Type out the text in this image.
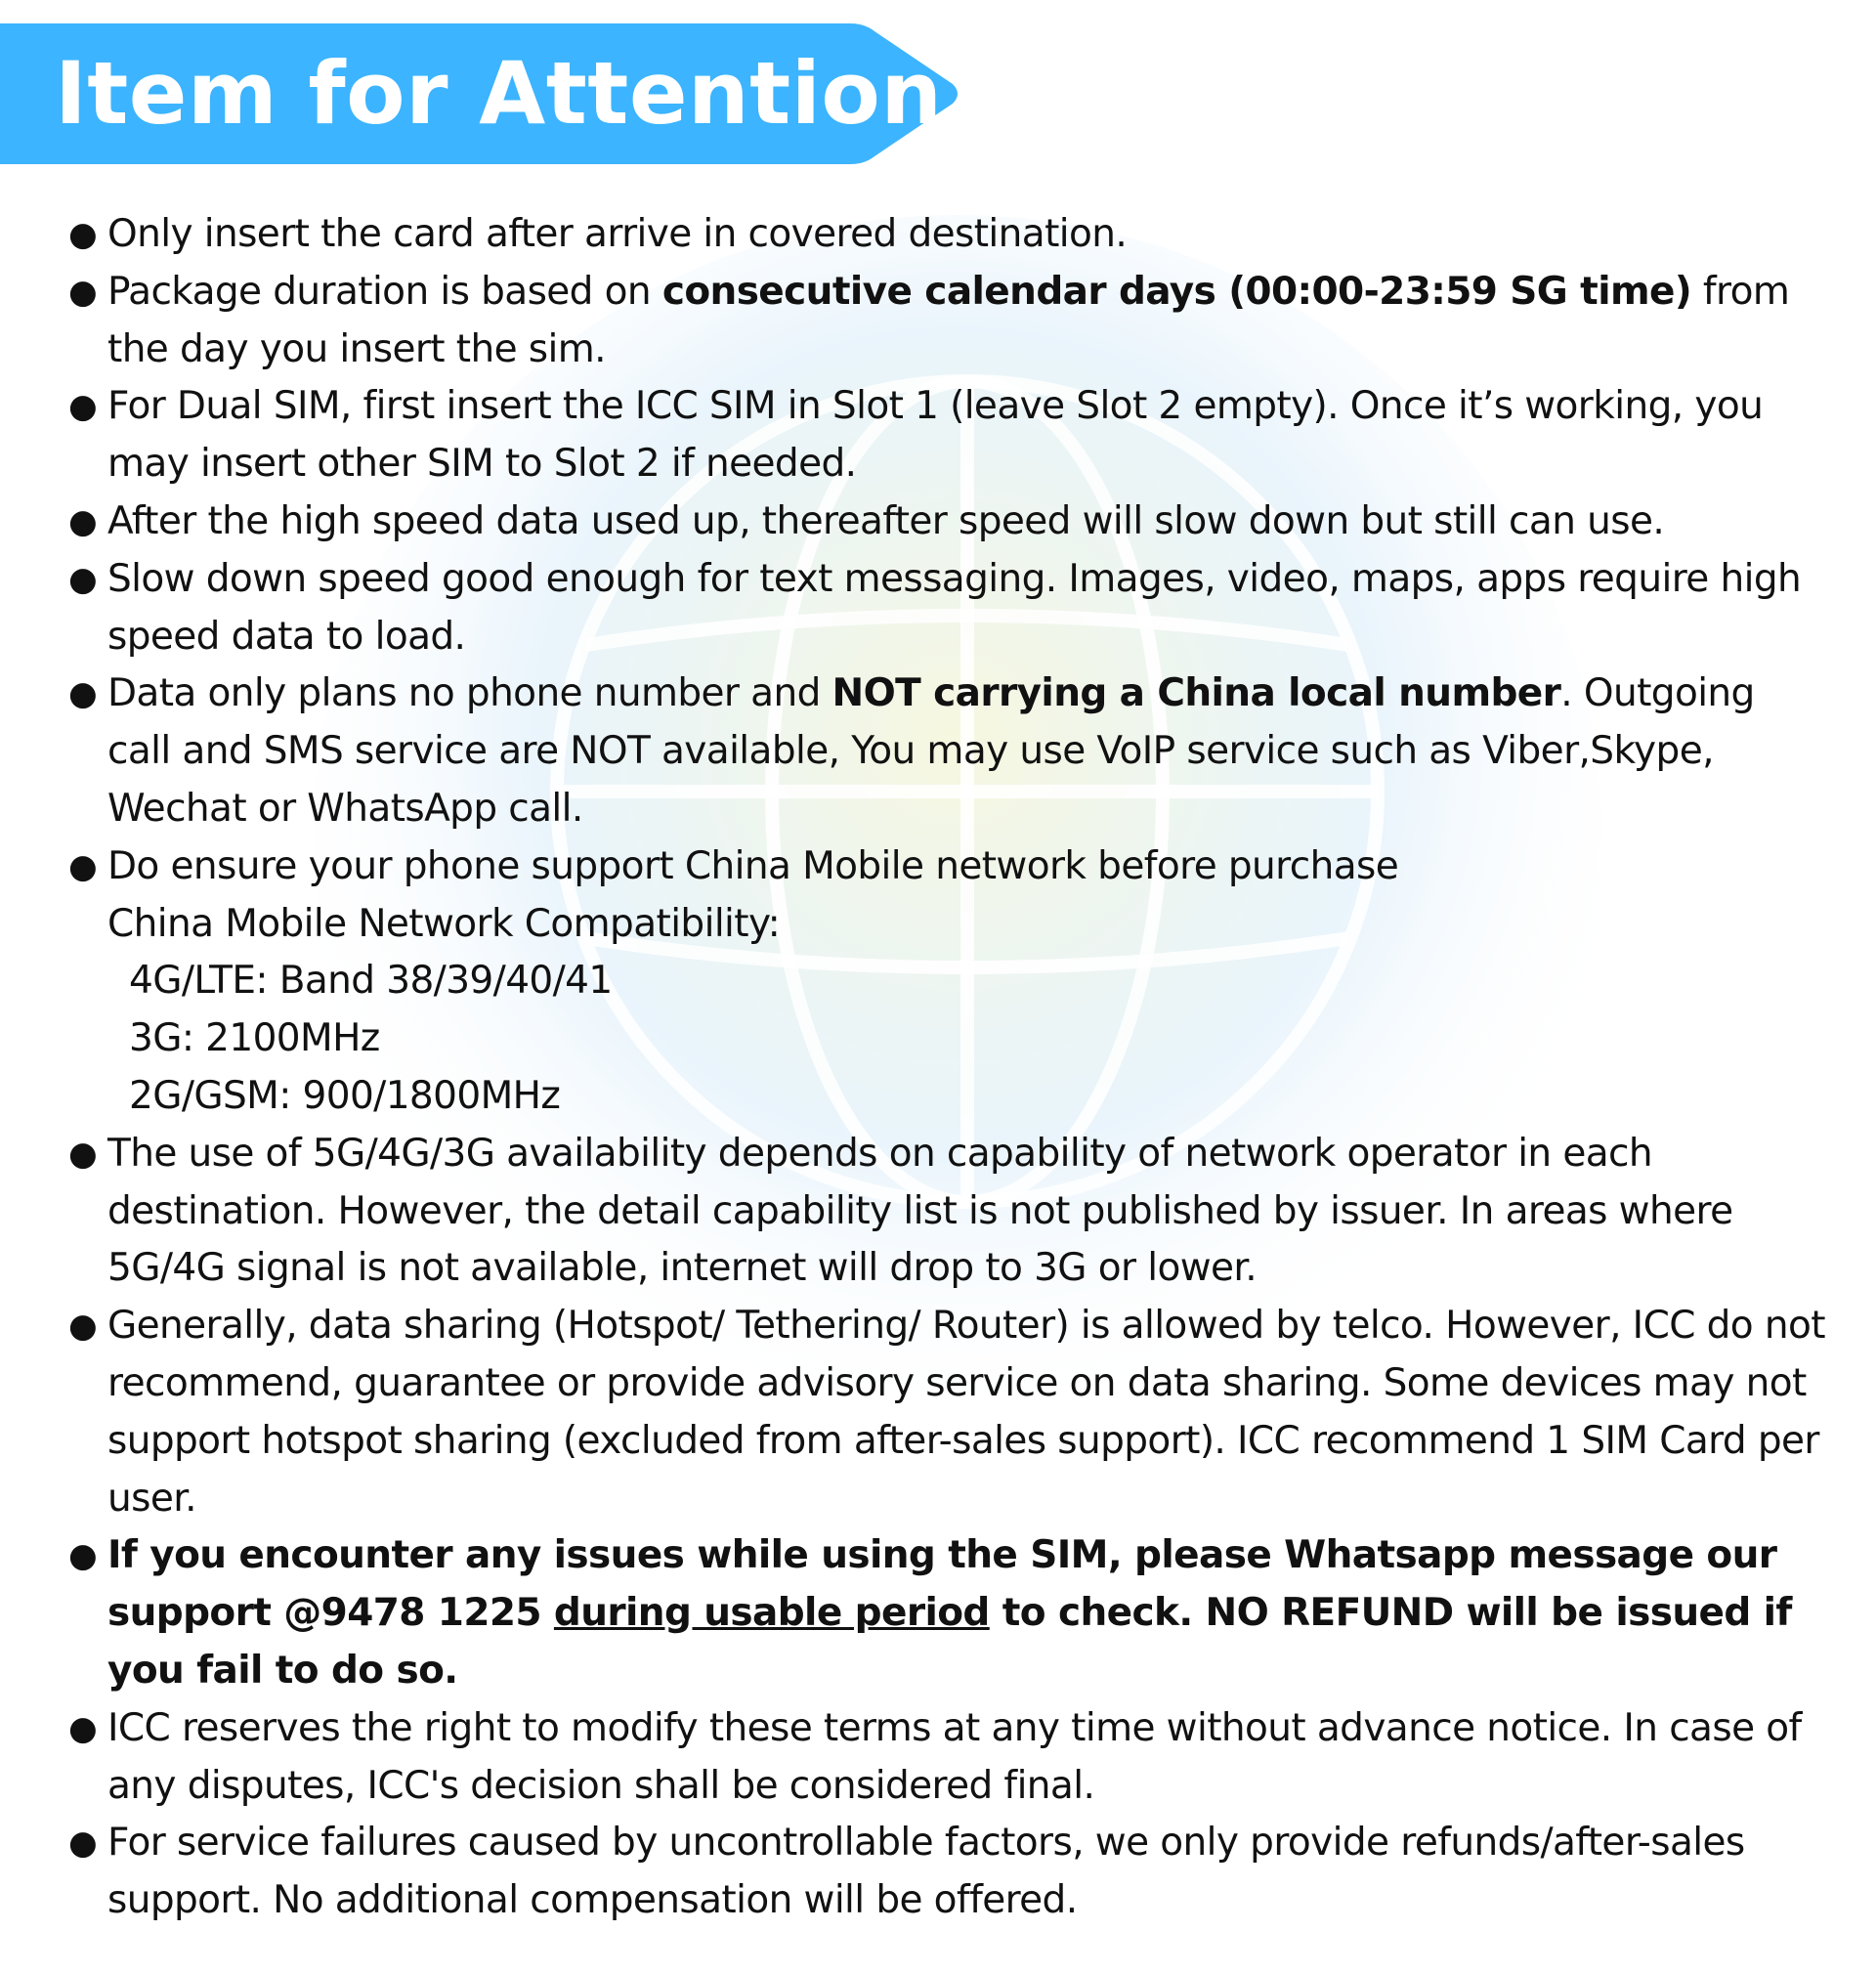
Item for Attention
● Only insert the card after arrive in covered destination.
● Package duration is based on consecutive calendar days (00:00-23:59 SG time) from the day you insert the sim.
● For Dual SIM, first insert the ICC SIM in Slot 1 (leave Slot 2 empty). Once it’s working, you may insert other SIM to Slot 2 if needed.
● After the high speed data used up, thereafter speed will slow down but still can use.
● Slow down speed good enough for text messaging. Images, video, maps, apps require high speed data to load.
● Data only plans no phone number and NOT carrying a China local number. Outgoing call and SMS service are NOT available, You may use VoIP service such as Viber,Skype, Wechat or WhatsApp call.
● Do ensure your phone support China Mobile network before purchase
China Mobile Network Compatibility:
4G/LTE: Band 38/39/40/41
3G: 2100MHz
2G/GSM: 900/1800MHz
● The use of 5G/4G/3G availability depends on capability of network operator in each destination. However, the detail capability list is not published by issuer. In areas where 5G/4G signal is not available, internet will drop to 3G or lower.
● Generally, data sharing (Hotspot/ Tethering/ Router) is allowed by telco. However, ICC do not recommend, guarantee or provide advisory service on data sharing. Some devices may not support hotspot sharing (excluded from after-sales support). ICC recommend 1 SIM Card per user.
● If you encounter any issues while using the SIM, please Whatsapp message our support @9478 1225 during usable period to check. NO REFUND will be issued if you fail to do so.
● ICC reserves the right to modify these terms at any time without advance notice. In case of any disputes, ICC's decision shall be considered final.
● For service failures caused by uncontrollable factors, we only provide refunds/after-sales support. No additional compensation will be offered.
